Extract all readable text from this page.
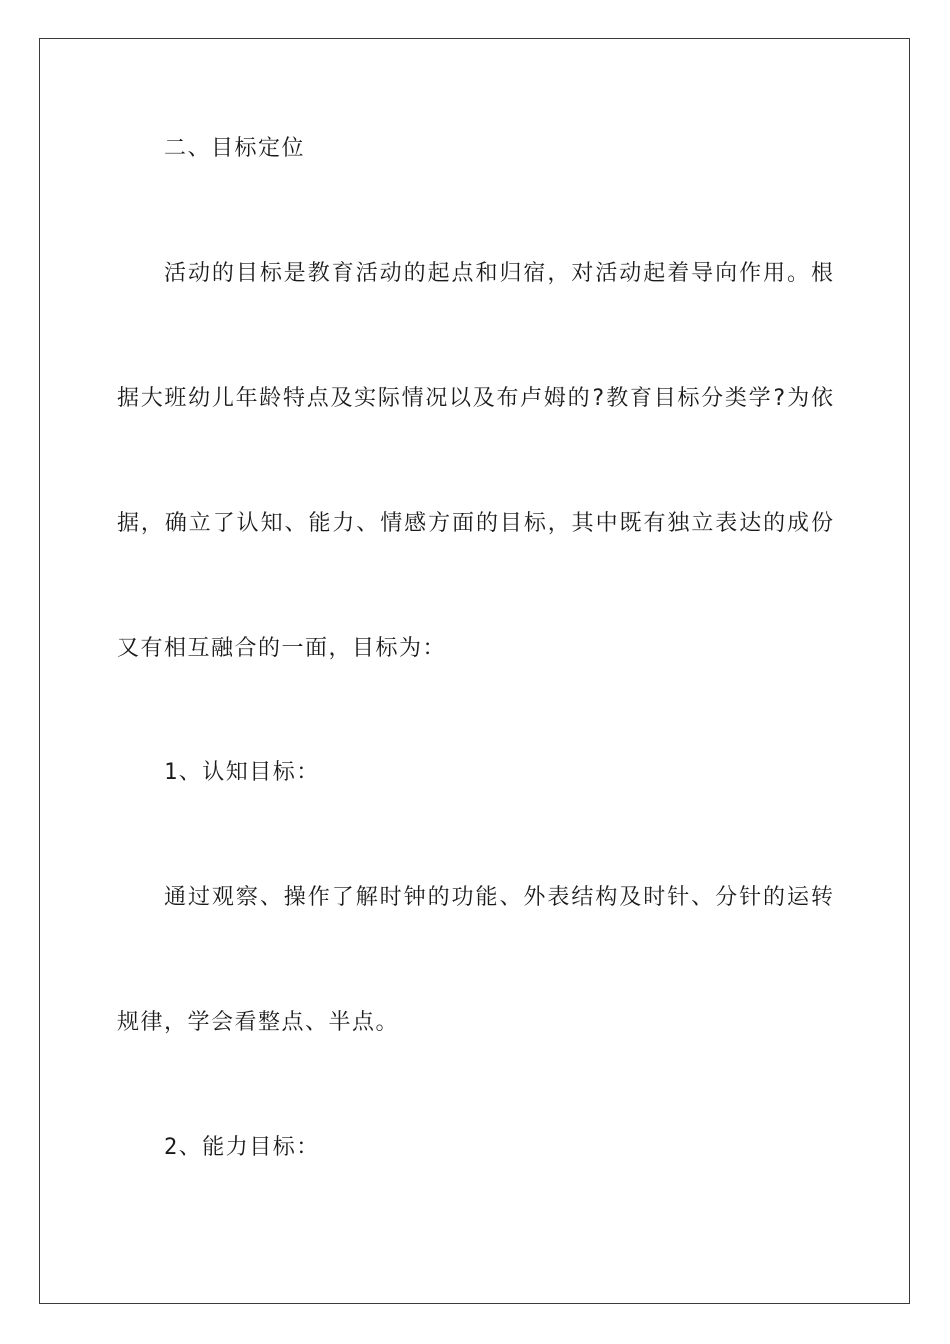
二、目标定位

活动的目标是教育活动的起点和归宿，对活动起着导向作用。根

据大班幼儿年龄特点及实际情况以及布卢姆的?教育目标分类学?为依

据，确立了认知、能力、情感方面的目标，其中既有独立表达的成份

又有相互融合的一面，目标为：

1、认知目标：

通过观察、操作了解时钟的功能、外表结构及时针、分针的运转

规律，学会看整点、半点。

2、能力目标：
